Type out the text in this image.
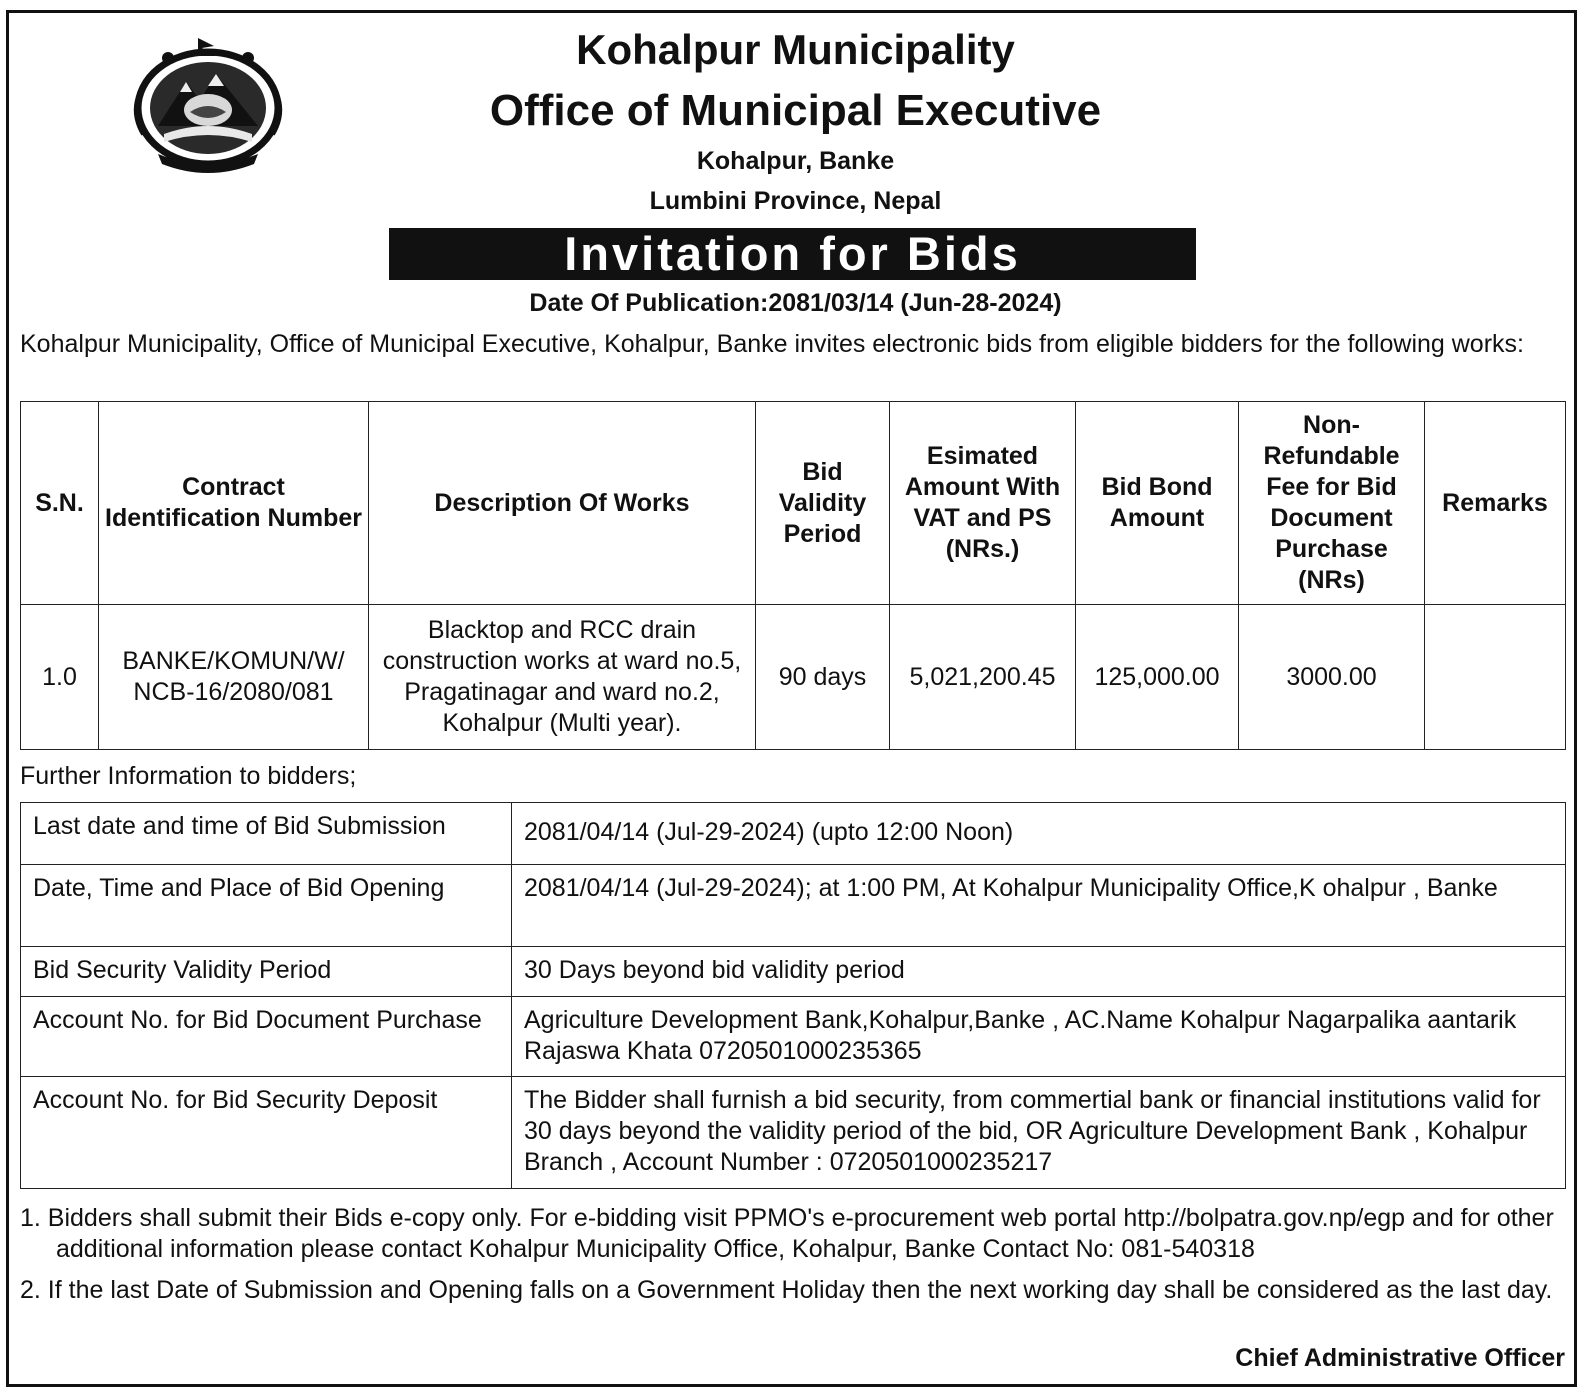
Kohalpur Municipality
Office of Municipal Executive
Kohalpur, Banke
Lumbini Province, Nepal
Invitation for Bids
Date Of Publication:2081/03/14 (Jun-28-2024)
Kohalpur Municipality, Office of Municipal Executive, Kohalpur, Banke invites electronic bids from eligible bidders for the following works:
S.N.	Contract Identification Number	Description Of Works	Bid Validity Period	Esimated Amount With VAT and PS (NRs.)	Bid Bond Amount	Non-Refundable Fee for Bid Document Purchase (NRs)	Remarks
1.0	BANKE/KOMUN/W/ NCB-16/2080/081	Blacktop and RCC drain construction works at ward no.5, Pragatinagar and ward no.2, Kohalpur (Multi year).	90 days	5,021,200.45	125,000.00	3000.00	
Further Information to bidders;
Last date and time of Bid Submission	2081/04/14 (Jul-29-2024) (upto 12:00 Noon)
Date, Time and Place of Bid Opening	2081/04/14 (Jul-29-2024); at 1:00 PM, At Kohalpur Municipality Office,K ohalpur , Banke
Bid Security Validity Period	30 Days beyond bid validity period
Account No. for Bid Document Purchase	Agriculture Development Bank,Kohalpur,Banke , AC.Name Kohalpur Nagarpalika aantarik Rajaswa Khata 0720501000235365
Account No. for Bid Security Deposit	The Bidder shall furnish a bid security, from commertial bank or financial institutions valid for 30 days beyond the validity period of the bid, OR Agriculture Development Bank , Kohalpur Branch , Account Number : 0720501000235217
1. Bidders shall submit their Bids e-copy only. For e-bidding visit PPMO's e-procurement web portal http://bolpatra.gov.np/egp and for other additional information please contact Kohalpur Municipality Office, Kohalpur, Banke Contact No: 081-540318
2. If the last Date of Submission and Opening falls on a Government Holiday then the next working day shall be considered as the last day.
Chief Administrative Officer
